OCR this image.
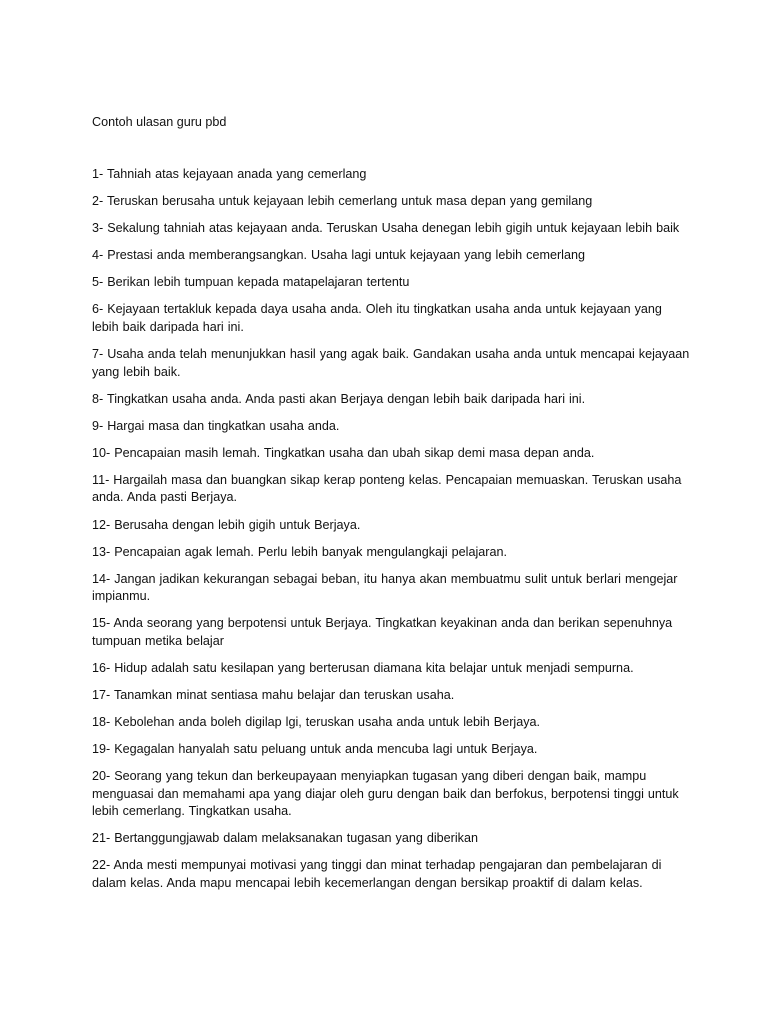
Contoh ulasan guru pbd
1- Tahniah atas kejayaan anada yang cemerlang
2- Teruskan berusaha untuk kejayaan lebih cemerlang untuk masa depan yang gemilang
3- Sekalung tahniah atas kejayaan anda. Teruskan Usaha denegan lebih gigih untuk kejayaan lebih baik
4- Prestasi anda memberangsangkan. Usaha lagi untuk kejayaan yang lebih cemerlang
5- Berikan lebih tumpuan kepada matapelajaran tertentu
6- Kejayaan tertakluk kepada daya usaha anda. Oleh itu tingkatkan usaha anda untuk kejayaan yang lebih baik daripada hari ini.
7- Usaha anda telah menunjukkan hasil yang agak baik. Gandakan usaha anda untuk mencapai kejayaan yang lebih baik.
8- Tingkatkan usaha anda. Anda pasti akan Berjaya dengan lebih baik daripada hari ini.
9- Hargai masa dan tingkatkan usaha anda.
10- Pencapaian masih lemah. Tingkatkan usaha dan ubah sikap demi masa depan anda.
11- Hargailah masa dan buangkan sikap kerap ponteng kelas. Pencapaian memuaskan. Teruskan usaha anda. Anda pasti Berjaya.
12- Berusaha dengan lebih gigih untuk Berjaya.
13- Pencapaian agak lemah. Perlu lebih banyak mengulangkaji pelajaran.
14- Jangan jadikan kekurangan sebagai beban, itu hanya akan membuatmu sulit untuk berlari mengejar impianmu.
15- Anda seorang yang berpotensi untuk Berjaya. Tingkatkan keyakinan anda dan berikan sepenuhnya tumpuan metika belajar
16- Hidup adalah satu kesilapan yang berterusan diamana kita belajar untuk menjadi sempurna.
17- Tanamkan minat sentiasa mahu belajar dan teruskan usaha.
18- Kebolehan anda boleh digilap lgi, teruskan usaha anda untuk lebih Berjaya.
19- Kegagalan hanyalah satu peluang untuk anda mencuba lagi untuk Berjaya.
20- Seorang yang tekun dan berkeupayaan menyiapkan tugasan yang diberi dengan baik, mampu menguasai dan memahami apa yang diajar oleh guru dengan baik dan berfokus, berpotensi tinggi untuk lebih cemerlang. Tingkatkan usaha.
21- Bertanggungjawab dalam melaksanakan tugasan yang diberikan
22- Anda mesti mempunyai motivasi yang tinggi dan minat terhadap pengajaran dan pembelajaran di dalam kelas. Anda mapu mencapai lebih kecemerlangan dengan bersikap proaktif di dalam kelas.
